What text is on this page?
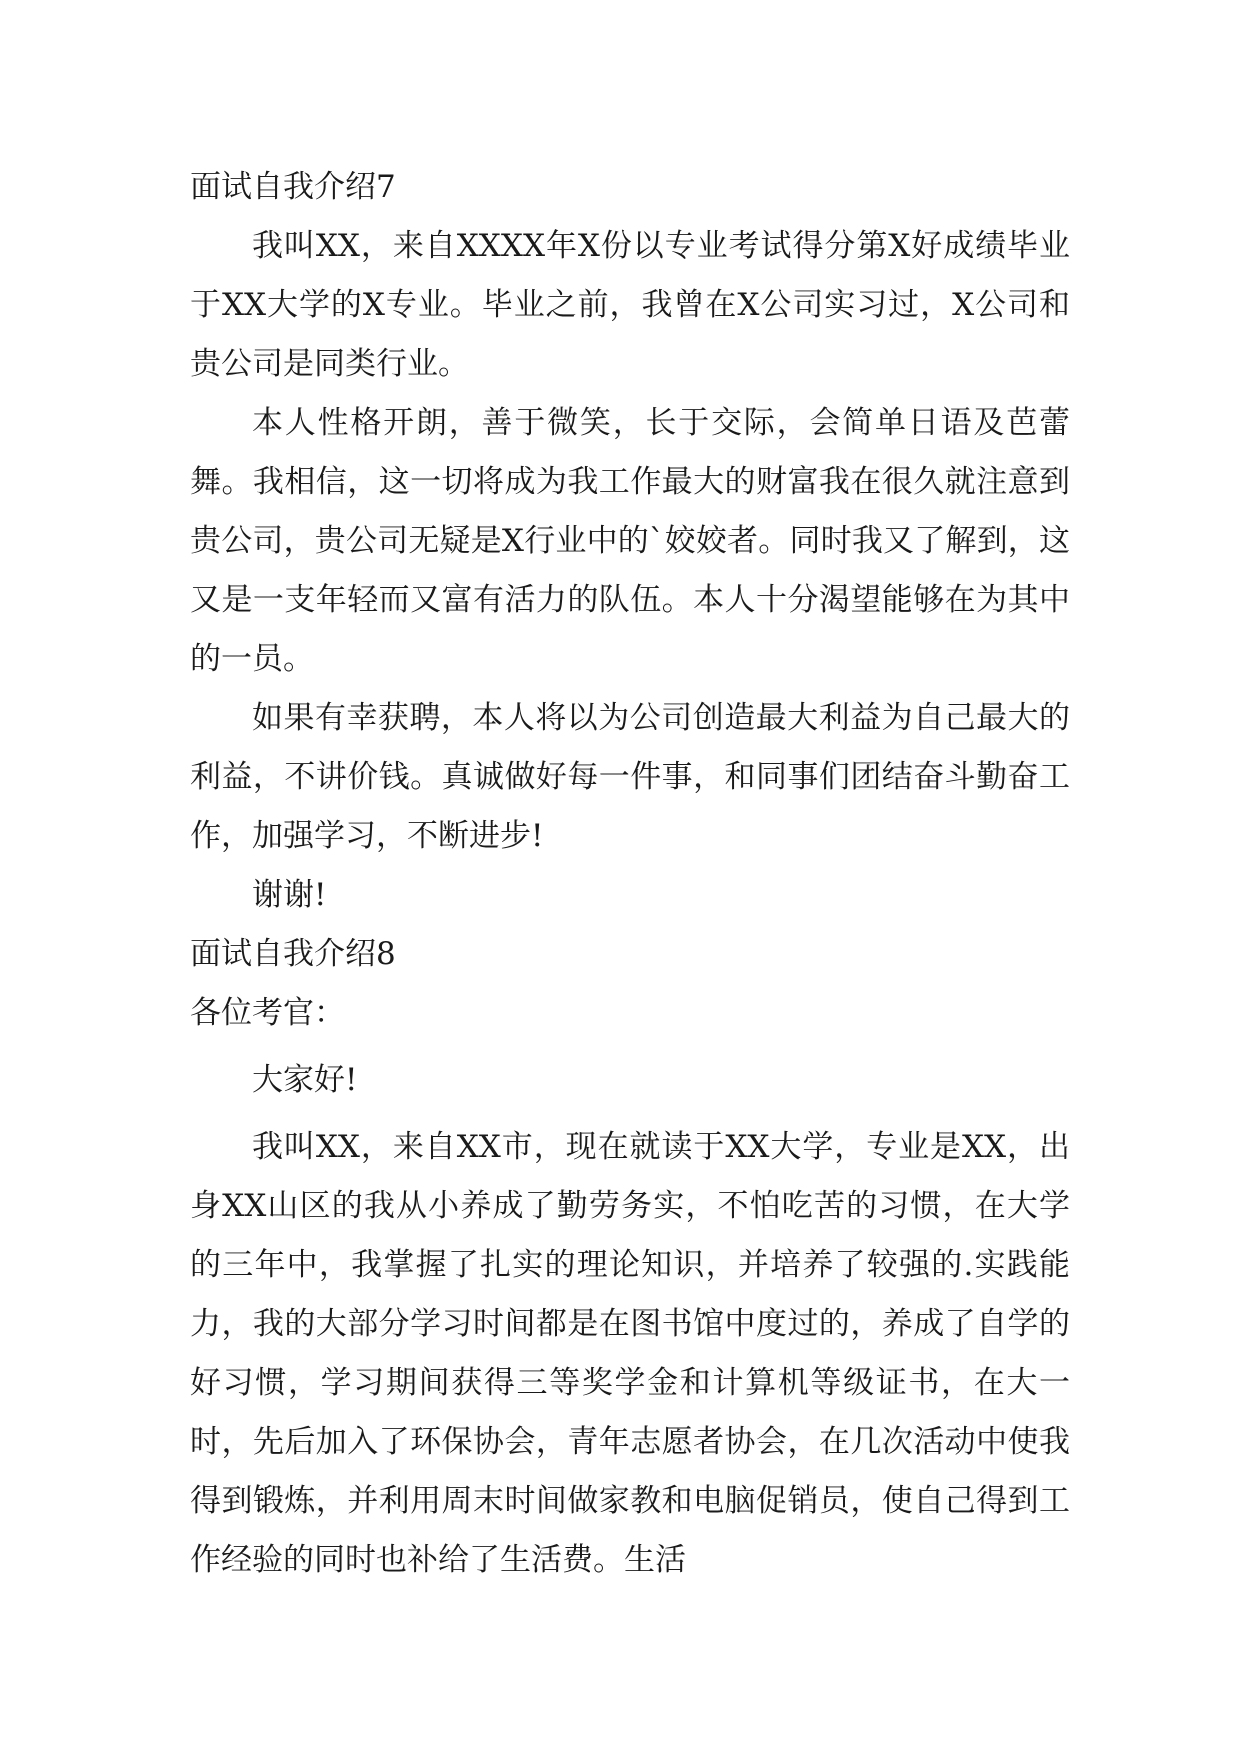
面试自我介绍7

我叫XX，来自XXXX年X份以专业考试得分第X好成绩毕业于XX大学的X专业。毕业之前，我曾在X公司实习过，X公司和贵公司是同类行业。

本人性格开朗，善于微笑，长于交际，会简单日语及芭蕾舞。我相信，这一切将成为我工作最大的财富我在很久就注意到贵公司，贵公司无疑是X行业中的`姣姣者。同时我又了解到，这又是一支年轻而又富有活力的队伍。本人十分渴望能够在为其中的一员。

如果有幸获聘，本人将以为公司创造最大利益为自己最大的利益，不讲价钱。真诚做好每一件事，和同事们团结奋斗勤奋工作，加强学习，不断进步!

谢谢!

面试自我介绍8

各位考官：

大家好!

我叫XX，来自XX市，现在就读于XX大学，专业是XX，出身XX山区的我从小养成了勤劳务实，不怕吃苦的习惯，在大学的三年中，我掌握了扎实的理论知识，并培养了较强的.实践能力，我的大部分学习时间都是在图书馆中度过的，养成了自学的好习惯，学习期间获得三等奖学金和计算机等级证书，在大一时，先后加入了环保协会，青年志愿者协会，在几次活动中使我得到锻炼，并利用周末时间做家教和电脑促销员，使自己得到工作经验的同时也补给了生活费。生活
